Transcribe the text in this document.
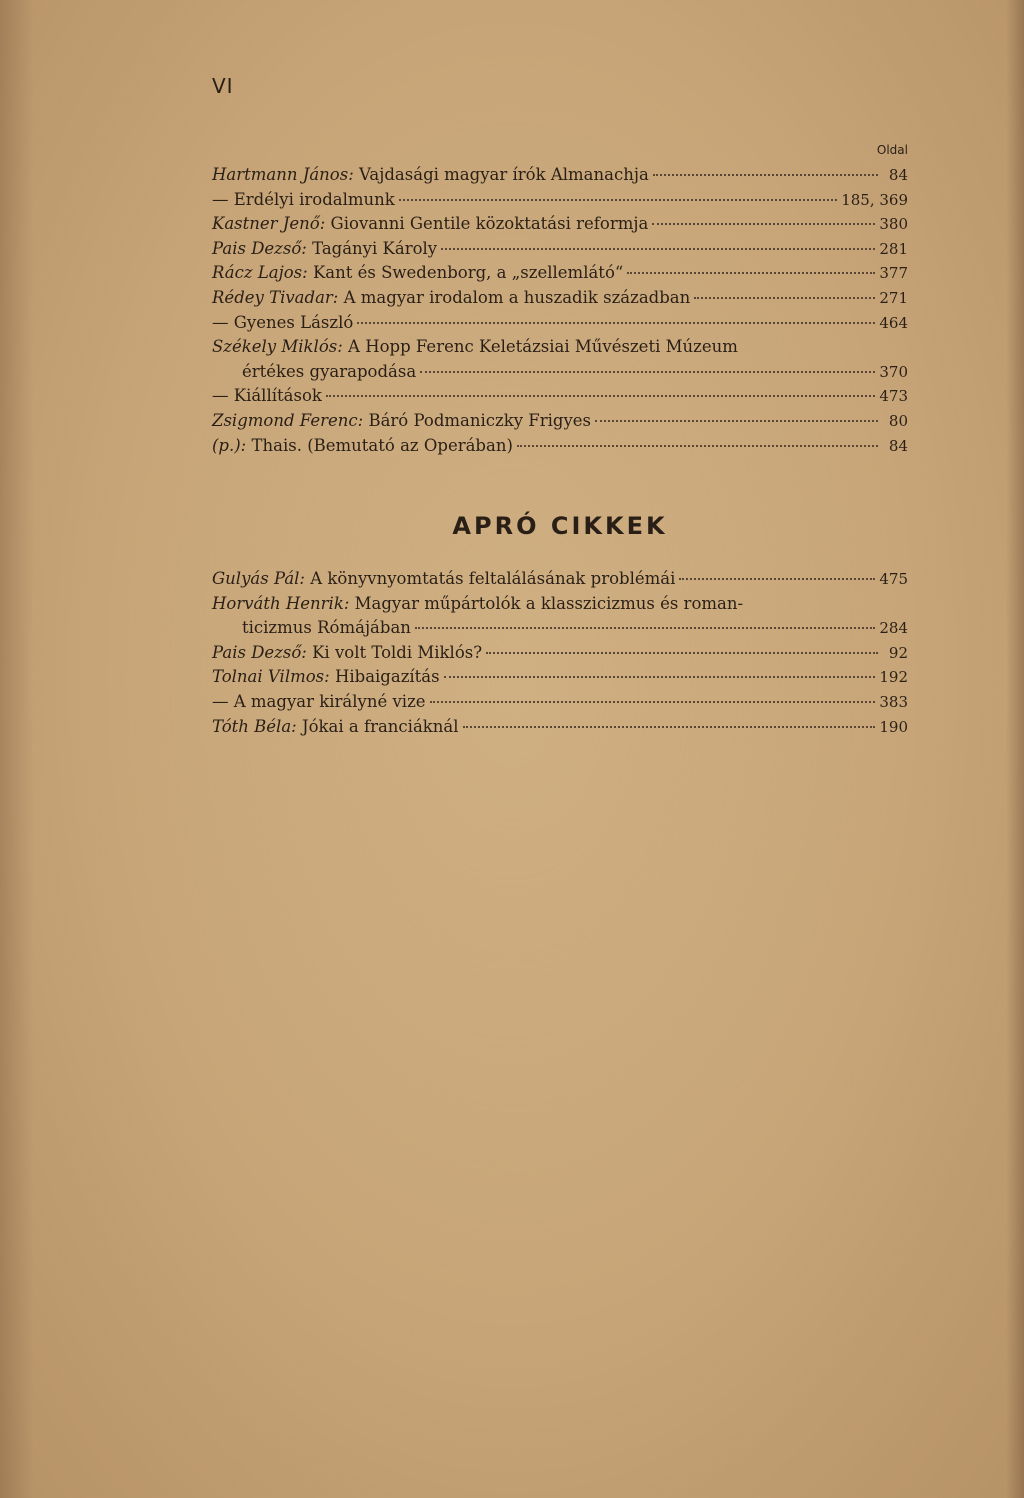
VI
Oldal
Hartmann János: Vajdasági magyar írók Almanachja	84
— Erdélyi irodalmunk	185, 369
Kastner Jenő: Giovanni Gentile közoktatási reformja	380
Pais Dezső: Tagányi Károly	281
Rácz Lajos: Kant és Swedenborg, a „szellemlátó“	377
Rédey Tivadar: A magyar irodalom a huszadik században	271
— Gyenes László	464
Székely Miklós: A Hopp Ferenc Keletázsiai Művészeti Múzeum
értékes gyarapodása	370
— Kiállítások	473
Zsigmond Ferenc: Báró Podmaniczky Frigyes	80
(p.): Thais. (Bemutató az Operában)	84
APRÓ CIKKEK
Gulyás Pál: A könyvnyomtatás feltalálásának problémái	475
Horváth Henrik: Magyar műpártolók a klasszicizmus és roman-
ticizmus Rómájában	284
Pais Dezső: Ki volt Toldi Miklós?	92
Tolnai Vilmos: Hibaigazítás	192
— A magyar királyné vize	383
Tóth Béla: Jókai a franciáknál	190
